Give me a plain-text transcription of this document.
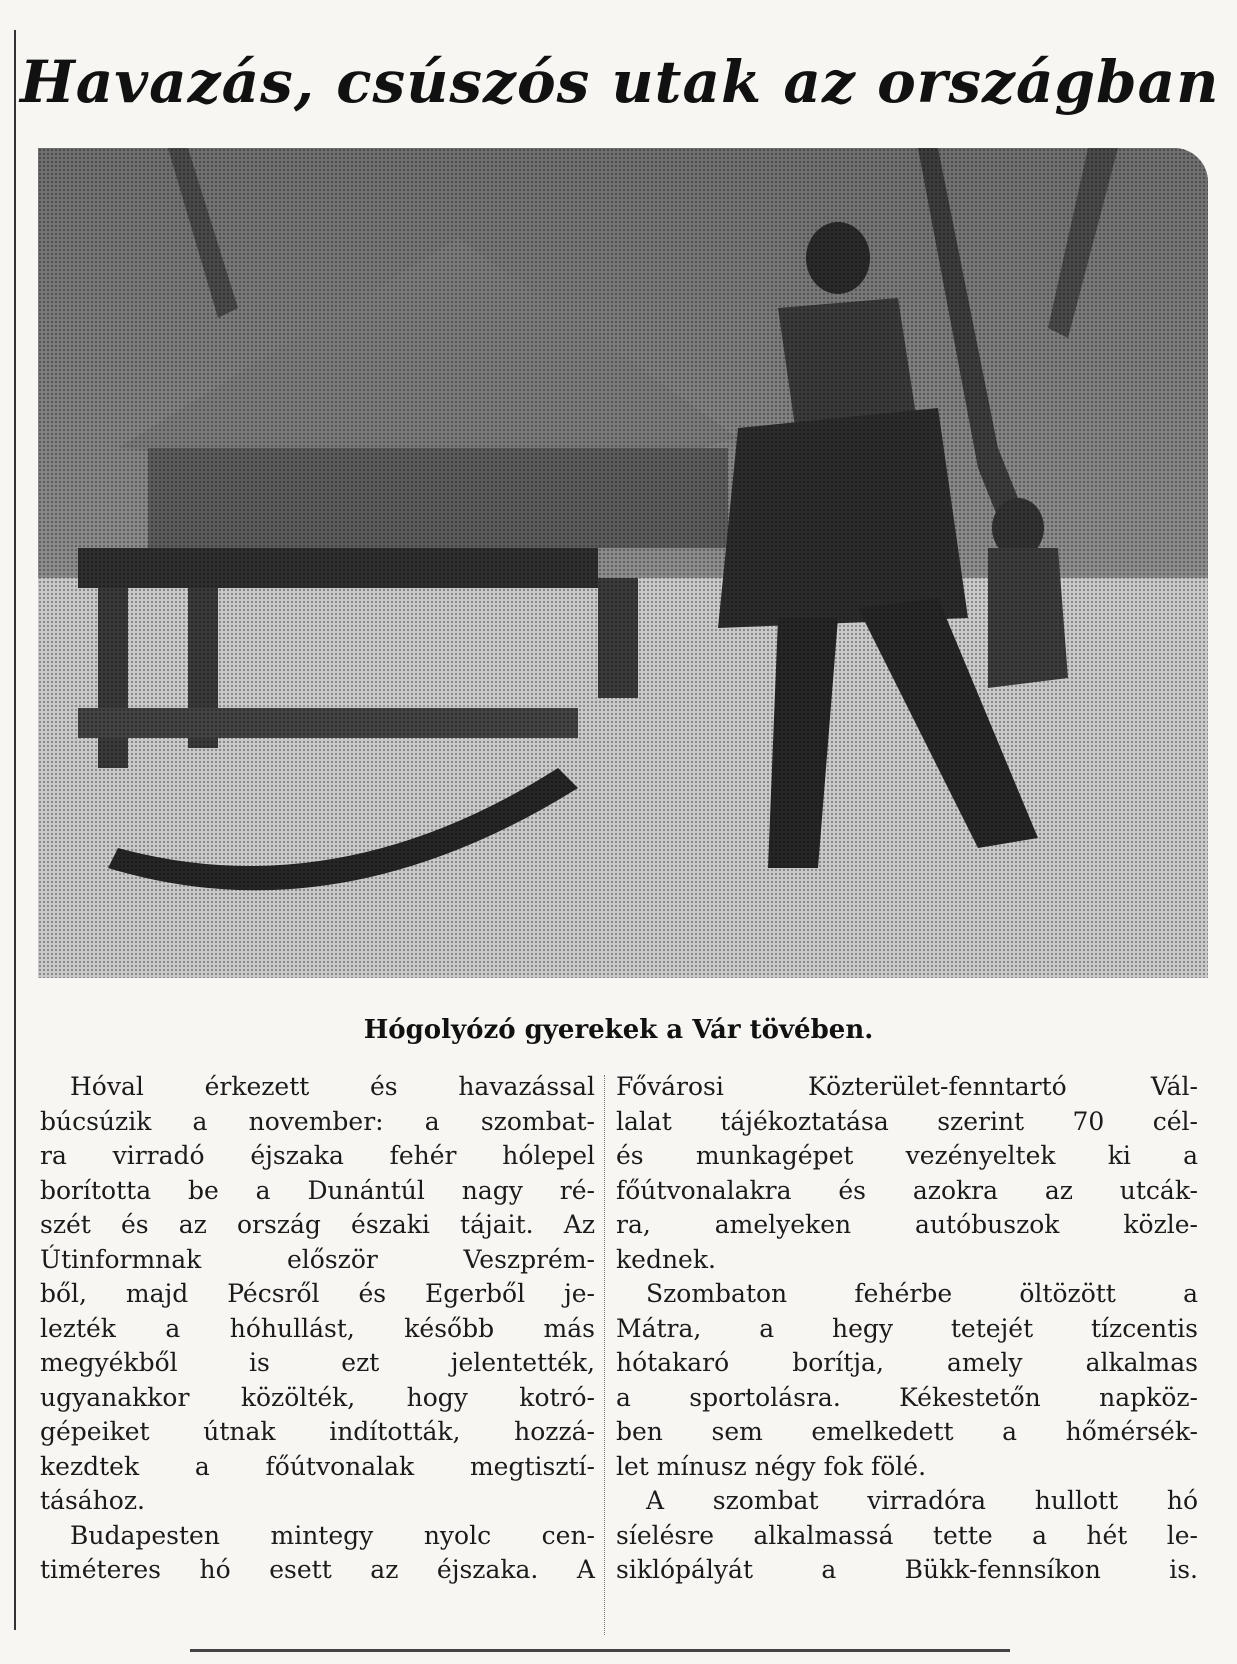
Havazás, csúszós utak az országban
Hógolyózó gyerekek a Vár tövében.
Hóval érkezett és havazással
búcsúzik a november: a szombat-
ra virradó éjszaka fehér hólepel
borította be a Dunántúl nagy ré-
szét és az ország északi tájait. Az
Útinformnak először Veszprém-
ből, majd Pécsről és Egerből je-
lezték a hóhullást, később más
megyékből is ezt jelentették,
ugyanakkor közölték, hogy kotró-
gépeiket útnak indították, hozzá-
kezdtek a főútvonalak megtisztí-
tásához.
Budapesten mintegy nyolc cen-
timéteres hó esett az éjszaka. A
Fővárosi Közterület-fenntartó Vál-
lalat tájékoztatása szerint 70 cél-
és munkagépet vezényeltek ki a
főútvonalakra és azokra az utcák-
ra, amelyeken autóbuszok közle-
kednek.
Szombaton fehérbe öltözött a
Mátra, a hegy tetejét tízcentis
hótakaró borítja, amely alkalmas
a sportolásra. Kékestetőn napköz-
ben sem emelkedett a hőmérsék-
let mínusz négy fok fölé.
A szombat virradóra hullott hó
síelésre alkalmassá tette a hét le-
siklópályát a Bükk-fennsíkon is.
